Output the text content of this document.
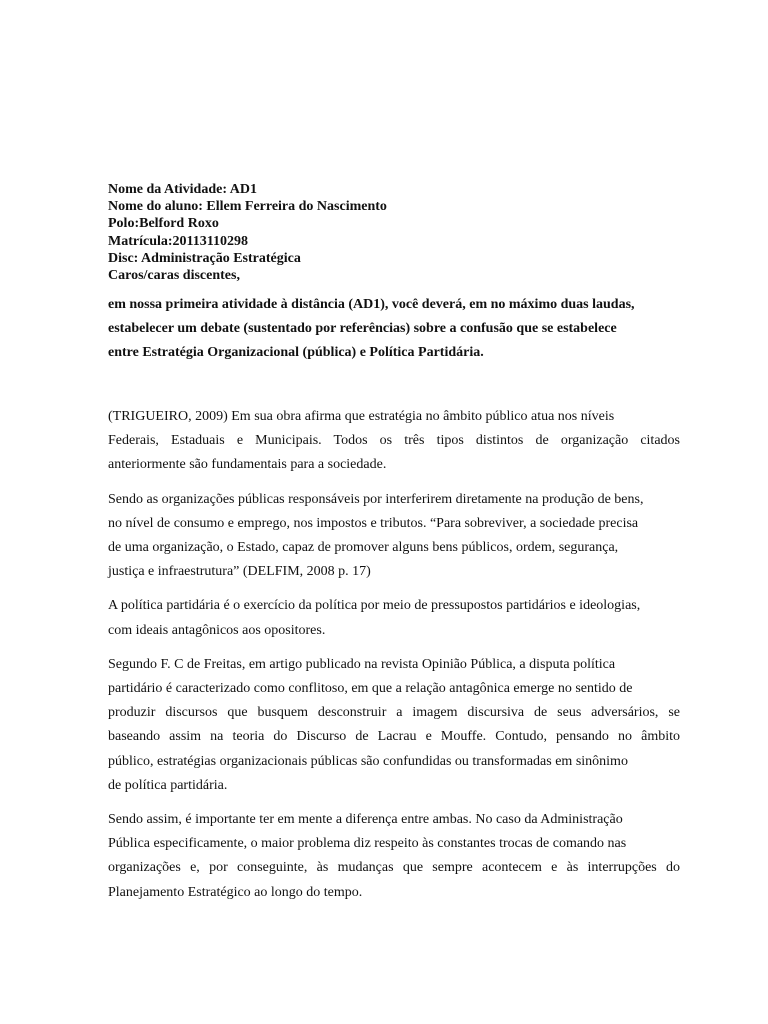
Nome da Atividade: AD1
Nome do aluno: Ellem Ferreira do Nascimento
Polo:Belford Roxo
Matrícula:20113110298
Disc: Administração Estratégica
Caros/caras discentes,
em nossa primeira atividade à distância (AD1), você deverá, em no máximo duas laudas,
estabelecer um debate (sustentado por referências) sobre a confusão que se estabelece
entre Estratégia Organizacional (pública) e Política Partidária.
(TRIGUEIRO, 2009) Em sua obra afirma que estratégia no âmbito público atua nos níveis
Federais, Estaduais e Municipais. Todos os três tipos distintos de organização citados
anteriormente são fundamentais para a sociedade.
Sendo as organizações públicas responsáveis por interferirem diretamente na produção de bens,
no nível de consumo e emprego, nos impostos e tributos. “Para sobreviver, a sociedade precisa
de uma organização, o Estado, capaz de promover alguns bens públicos, ordem, segurança,
justiça e infraestrutura” (DELFIM, 2008 p. 17)
A política partidária é o exercício da política por meio de pressupostos partidários e ideologias,
com ideais antagônicos aos opositores.
Segundo F. C de Freitas, em artigo publicado na revista Opinião Pública, a disputa política
partidário é caracterizado como conflitoso, em que a relação antagônica emerge no sentido de
produzir discursos que busquem desconstruir a imagem discursiva de seus adversários, se
baseando assim na teoria do Discurso de Lacrau e Mouffe. Contudo, pensando no âmbito
público, estratégias organizacionais públicas são confundidas ou transformadas em sinônimo
de política partidária.
Sendo assim, é importante ter em mente a diferença entre ambas. No caso da Administração
Pública especificamente, o maior problema diz respeito às constantes trocas de comando nas
organizações e, por conseguinte, às mudanças que sempre acontecem e às interrupções do
Planejamento Estratégico ao longo do tempo.
